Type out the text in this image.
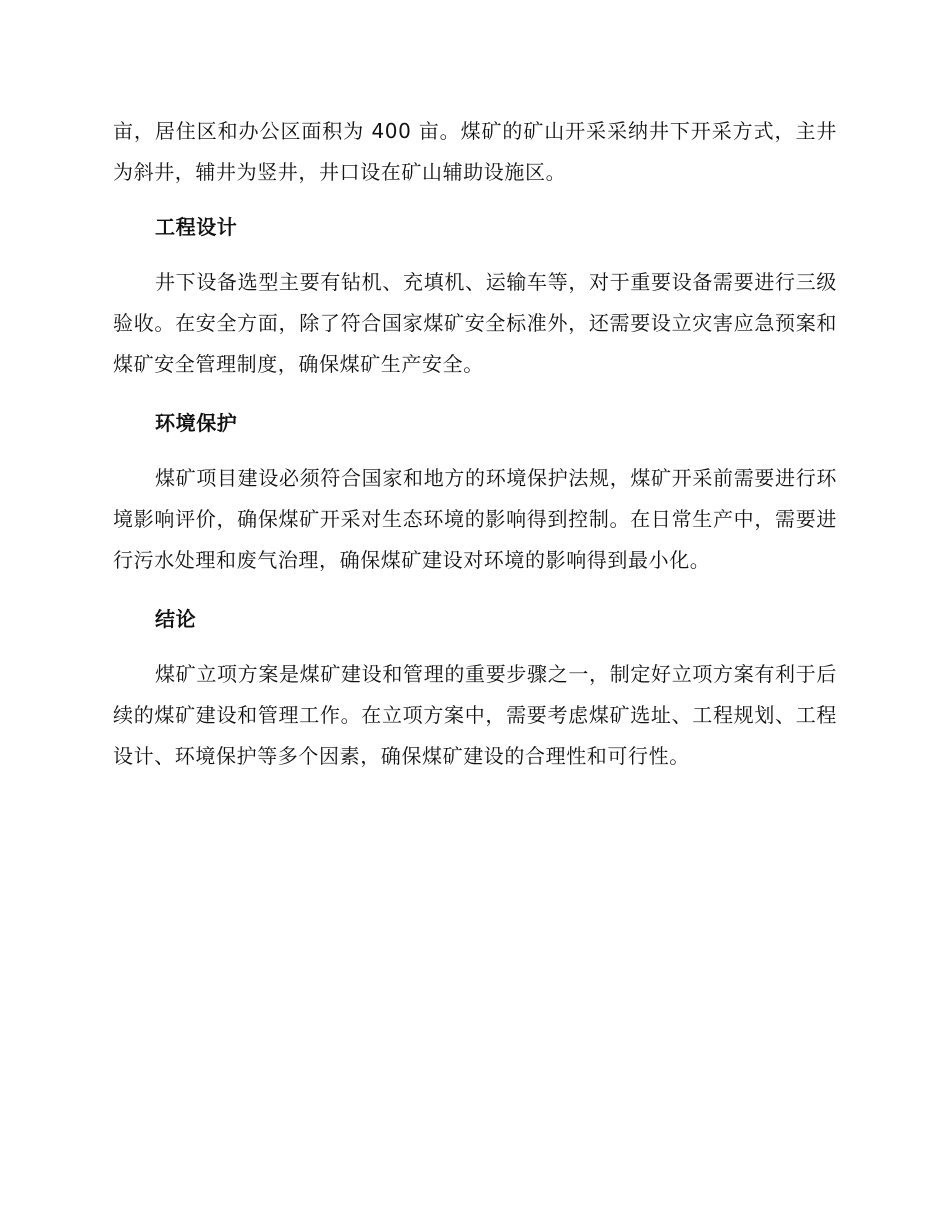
亩，居住区和办公区面积为 400 亩。煤矿的矿山开采采纳井下开采方式，主井为斜井，辅井为竖井，井口设在矿山辅助设施区。

工程设计

井下设备选型主要有钻机、充填机、运输车等，对于重要设备需要进行三级验收。在安全方面，除了符合国家煤矿安全标准外，还需要设立灾害应急预案和煤矿安全管理制度，确保煤矿生产安全。

环境保护

煤矿项目建设必须符合国家和地方的环境保护法规，煤矿开采前需要进行环境影响评价，确保煤矿开采对生态环境的影响得到控制。在日常生产中，需要进行污水处理和废气治理，确保煤矿建设对环境的影响得到最小化。

结论

煤矿立项方案是煤矿建设和管理的重要步骤之一，制定好立项方案有利于后续的煤矿建设和管理工作。在立项方案中，需要考虑煤矿选址、工程规划、工程设计、环境保护等多个因素，确保煤矿建设的合理性和可行性。
